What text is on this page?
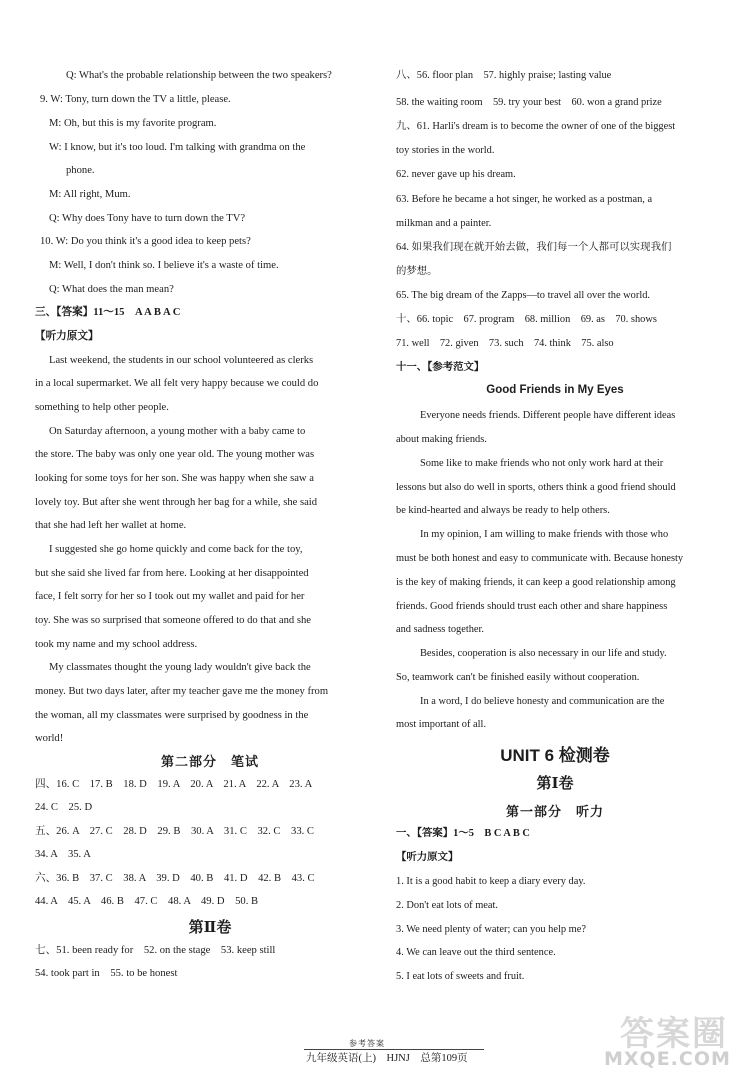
Q: What's the probable relationship between the two speakers?
9. W: Tony, turn down the TV a little, please.
M: Oh, but this is my favorite program.
W: I know, but it's too loud. I'm talking with grandma on the
phone.
M: All right, Mum.
Q: Why does Tony have to turn down the TV?
10. W: Do you think it's a good idea to keep pets?
M: Well, I don't think so. I believe it's a waste of time.
Q: What does the man mean?
三、【答案】11～15　A A B A C
【听力原文】
Last weekend, the students in our school volunteered as clerks
in a local supermarket. We all felt very happy because we could do
something to help other people.
On Saturday afternoon, a young mother with a baby came to
the store. The baby was only one year old. The young mother was
looking for some toys for her son. She was happy when she saw a
lovely toy. But after she went through her bag for a while, she said
that she had left her wallet at home.
I suggested she go home quickly and come back for the toy,
but she said she lived far from here. Looking at her disappointed
face, I felt sorry for her so I took out my wallet and paid for her
toy. She was so surprised that someone offered to do that and she
took my name and my school address.
My classmates thought the young lady wouldn't give back the
money. But two days later, after my teacher gave me the money from
the woman, all my classmates were surprised by goodness in the
world!
第二部分　笔试
四、16. C　17. B　18. D　19. A　20. A　21. A　22. A　23. A
24. C　25. D
五、26. A　27. C　28. D　29. B　30. A　31. C　32. C　33. C
34. A　35. A
六、36. B　37. C　38. A　39. D　40. B　41. D　42. B　43. C
44. A　45. A　46. B　47. C　48. A　49. D　50. B
第Ⅱ卷
七、51. been ready for　52. on the stage　53. keep still
54. took part in　55. to be honest
八、56. floor plan　57. highly praise; lasting value
58. the waiting room　59. try your best　60. won a grand prize
九、61. Harli's dream is to become the owner of one of the biggest
toy stories in the world.
62. never gave up his dream.
63. Before he became a hot singer, he worked as a postman, a
milkman and a painter.
64. 如果我们现在就开始去做，我们每一个人都可以实现我们
的梦想。
65. The big dream of the Zapps—to travel all over the world.
十、66. topic　67. program　68. million　69. as　70. shows
71. well　72. given　73. such　74. think　75. also
十一、【参考范文】
Good Friends in My Eyes
Everyone needs friends. Different people have different ideas
about making friends.
Some like to make friends who not only work hard at their
lessons but also do well in sports, others think a good friend should
be kind-hearted and always be ready to help others.
In my opinion, I am willing to make friends with those who
must be both honest and easy to communicate with. Because honesty
is the key of making friends, it can keep a good relationship among
friends. Good friends should trust each other and share happiness
and sadness together.
Besides, cooperation is also necessary in our life and study.
So, teamwork can't be finished easily without cooperation.
In a word, I do believe honesty and communication are the
most important of all.
UNIT 6 检测卷
第Ⅰ卷
第一部分　听力
一、【答案】1～5　B C A B C
【听力原文】
1. It is a good habit to keep a diary every day.
2. Don't eat lots of meat.
3. We need plenty of water; can you help me?
4. We can leave out the third sentence.
5. I eat lots of sweets and fruit.
参考答案
九年级英语(上)　HJNJ　总第109页
答案圈
MXQE.COM
